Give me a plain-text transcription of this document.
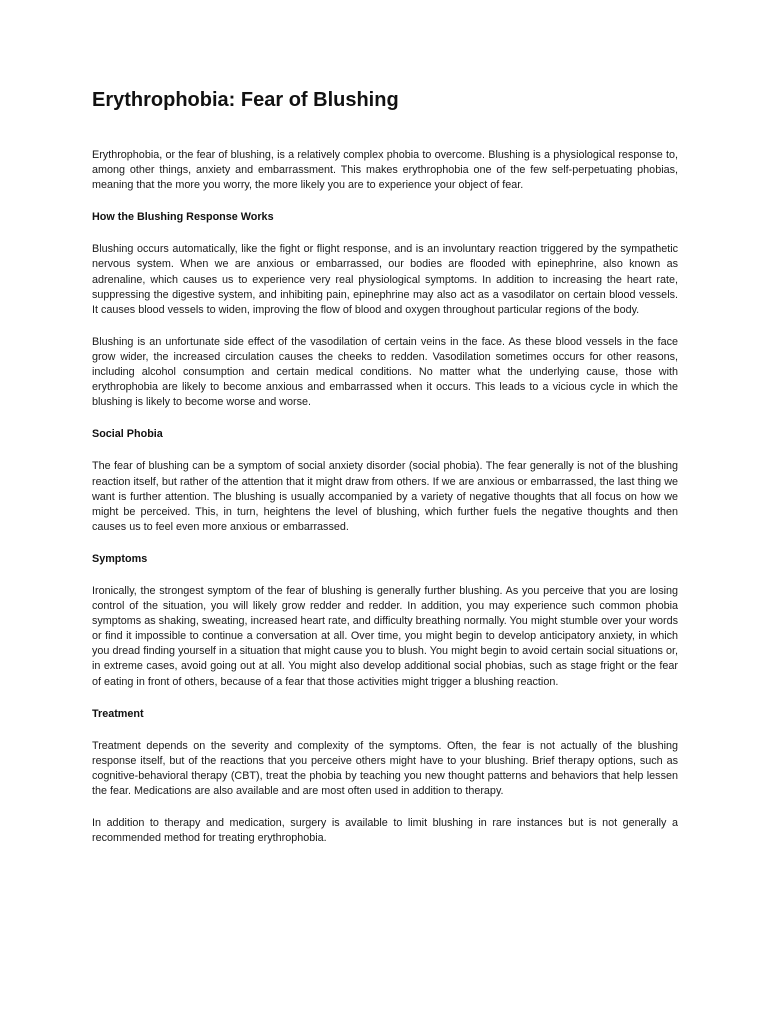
Erythrophobia: Fear of Blushing

Erythrophobia, or the fear of blushing, is a relatively complex phobia to overcome. Blushing is a physiological response to, among other things, anxiety and embarrassment. This makes erythrophobia one of the few self-perpetuating phobias, meaning that the more you worry, the more likely you are to experience your object of fear.

How the Blushing Response Works

Blushing occurs automatically, like the fight or flight response, and is an involuntary reaction triggered by the sympathetic nervous system. When we are anxious or embarrassed, our bodies are flooded with epinephrine, also known as adrenaline, which causes us to experience very real physiological symptoms. In addition to increasing the heart rate, suppressing the digestive system, and inhibiting pain, epinephrine may also act as a vasodilator on certain blood vessels. It causes blood vessels to widen, improving the flow of blood and oxygen throughout particular regions of the body.

Blushing is an unfortunate side effect of the vasodilation of certain veins in the face. As these blood vessels in the face grow wider, the increased circulation causes the cheeks to redden. Vasodilation sometimes occurs for other reasons, including alcohol consumption and certain medical conditions. No matter what the underlying cause, those with erythrophobia are likely to become anxious and embarrassed when it occurs. This leads to a vicious cycle in which the blushing is likely to become worse and worse.

Social Phobia

The fear of blushing can be a symptom of social anxiety disorder (social phobia). The fear generally is not of the blushing reaction itself, but rather of the attention that it might draw from others. If we are anxious or embarrassed, the last thing we want is further attention. The blushing is usually accompanied by a variety of negative thoughts that all focus on how we might be perceived. This, in turn, heightens the level of blushing, which further fuels the negative thoughts and then causes us to feel even more anxious or embarrassed.

Symptoms

Ironically, the strongest symptom of the fear of blushing is generally further blushing. As you perceive that you are losing control of the situation, you will likely grow redder and redder. In addition, you may experience such common phobia symptoms as shaking, sweating, increased heart rate, and difficulty breathing normally. You might stumble over your words or find it impossible to continue a conversation at all. Over time, you might begin to develop anticipatory anxiety, in which you dread finding yourself in a situation that might cause you to blush. You might begin to avoid certain social situations or, in extreme cases, avoid going out at all. You might also develop additional social phobias, such as stage fright or the fear of eating in front of others, because of a fear that those activities might trigger a blushing reaction.

Treatment

Treatment depends on the severity and complexity of the symptoms. Often, the fear is not actually of the blushing response itself, but of the reactions that you perceive others might have to your blushing. Brief therapy options, such as cognitive-behavioral therapy (CBT), treat the phobia by teaching you new thought patterns and behaviors that help lessen the fear. Medications are also available and are most often used in addition to therapy.

In addition to therapy and medication, surgery is available to limit blushing in rare instances but is not generally a recommended method for treating erythrophobia.
